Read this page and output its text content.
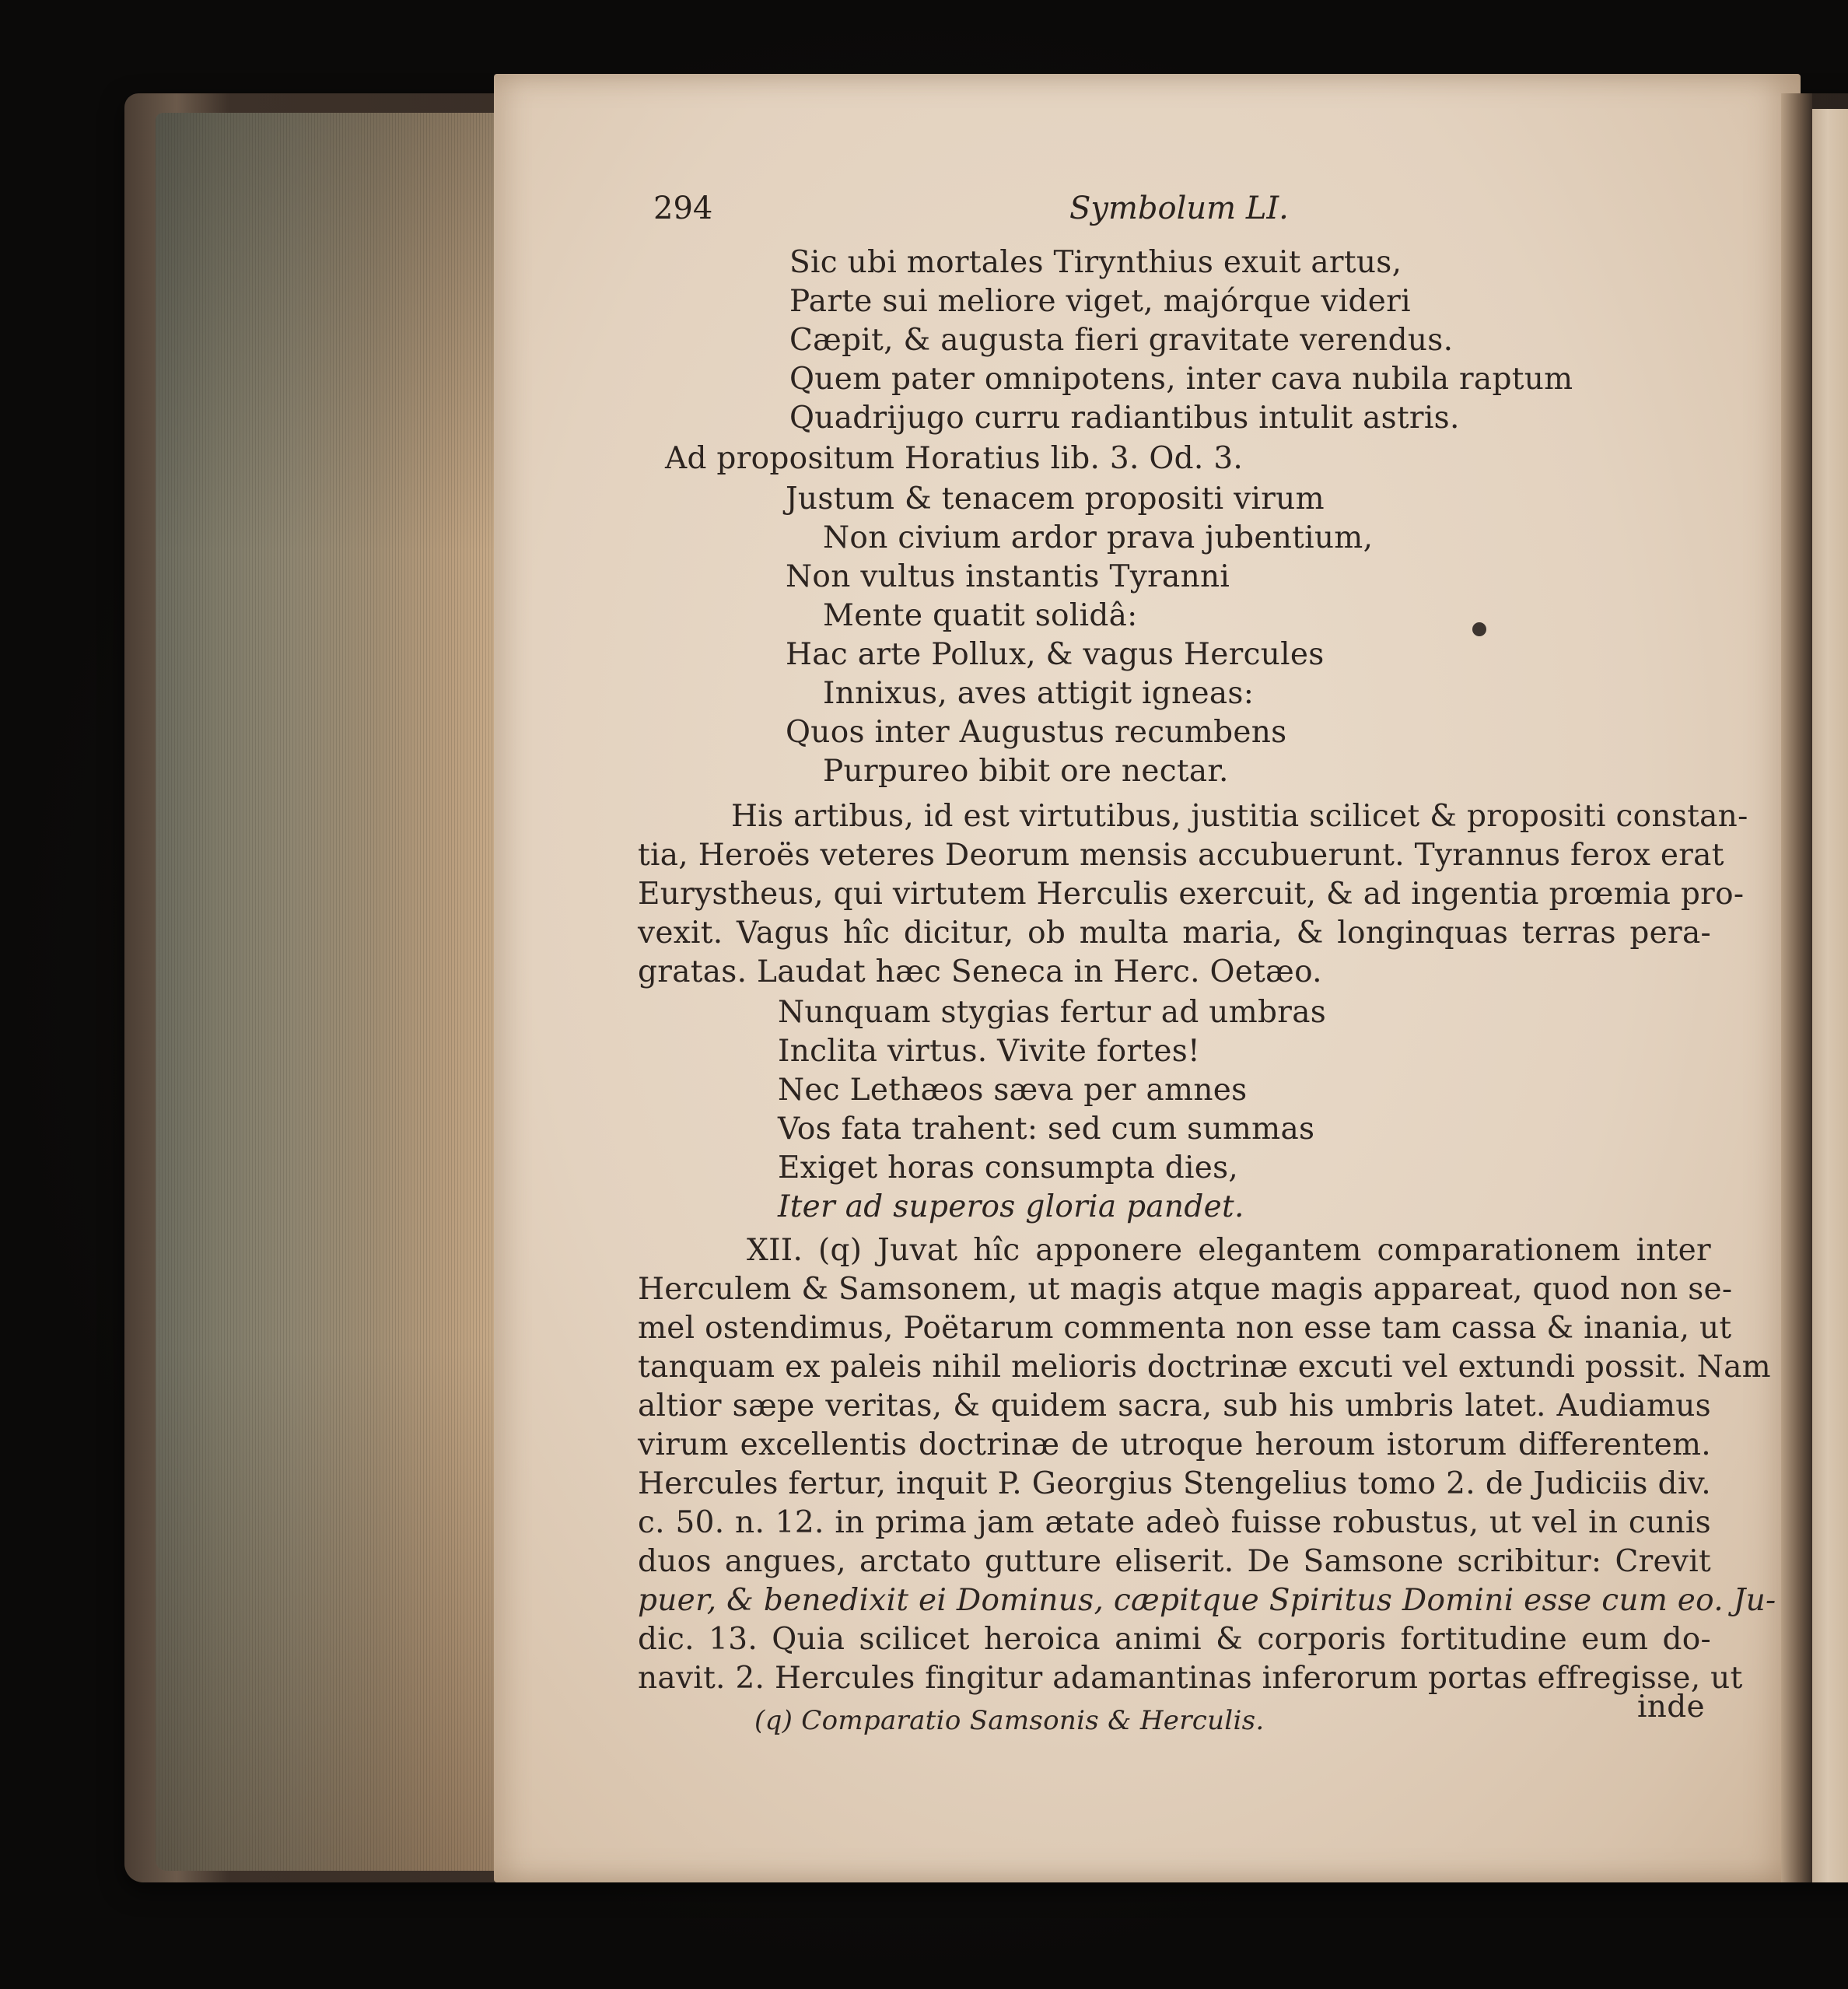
294	Symbolum LI.
Sic ubi mortales Tirynthius exuit artus,
Parte sui meliore viget, majórque videri
Cæpit, & augusta fieri gravitate verendus.
Quem pater omnipotens, inter cava nubila raptum
Quadrijugo curru radiantibus intulit astris.
Ad propositum Horatius lib. 3. Od. 3.
Justum & tenacem propositi virum
Non civium ardor prava jubentium,
Non vultus instantis Tyranni
Mente quatit solidâ:
Hac arte Pollux, & vagus Hercules
Innixus, aves attigit igneas:
Quos inter Augustus recumbens
Purpureo bibit ore nectar.
His artibus, id est virtutibus, justitia scilicet & propositi constan-
tia, Heroës veteres Deorum mensis accubuerunt. Tyrannus ferox erat
Eurystheus, qui virtutem Herculis exercuit, & ad ingentia prœmia pro-
vexit. Vagus hîc dicitur, ob multa maria, & longinquas terras pera-
gratas. Laudat hæc Seneca in Herc. Oetæo.
Nunquam stygias fertur ad umbras
Inclita virtus. Vivite fortes!
Nec Lethæos sæva per amnes
Vos fata trahent: sed cum summas
Exiget horas consumpta dies,
Iter ad superos gloria pandet.
XII. (q) Juvat hîc apponere elegantem comparationem inter
Herculem & Samsonem, ut magis atque magis appareat, quod non se-
mel ostendimus, Poëtarum commenta non esse tam cassa & inania, ut
tanquam ex paleis nihil melioris doctrinæ excuti vel extundi possit. Nam
altior sæpe veritas, & quidem sacra, sub his umbris latet. Audiamus
virum excellentis doctrinæ de utroque heroum istorum differentem.
Hercules fertur, inquit P. Georgius Stengelius tomo 2. de Judiciis div.
c. 50. n. 12. in prima jam ætate adeò fuisse robustus, ut vel in cunis
duos angues, arctato gutture eliserit. De Samsone scribitur: Crevit
puer, & benedixit ei Dominus, cæpitque Spiritus Domini esse cum eo. Ju-
dic. 13. Quia scilicet heroica animi & corporis fortitudine eum do-
navit. 2. Hercules fingitur adamantinas inferorum portas effregisse, ut
inde
(q) Comparatio Samsonis & Herculis.
